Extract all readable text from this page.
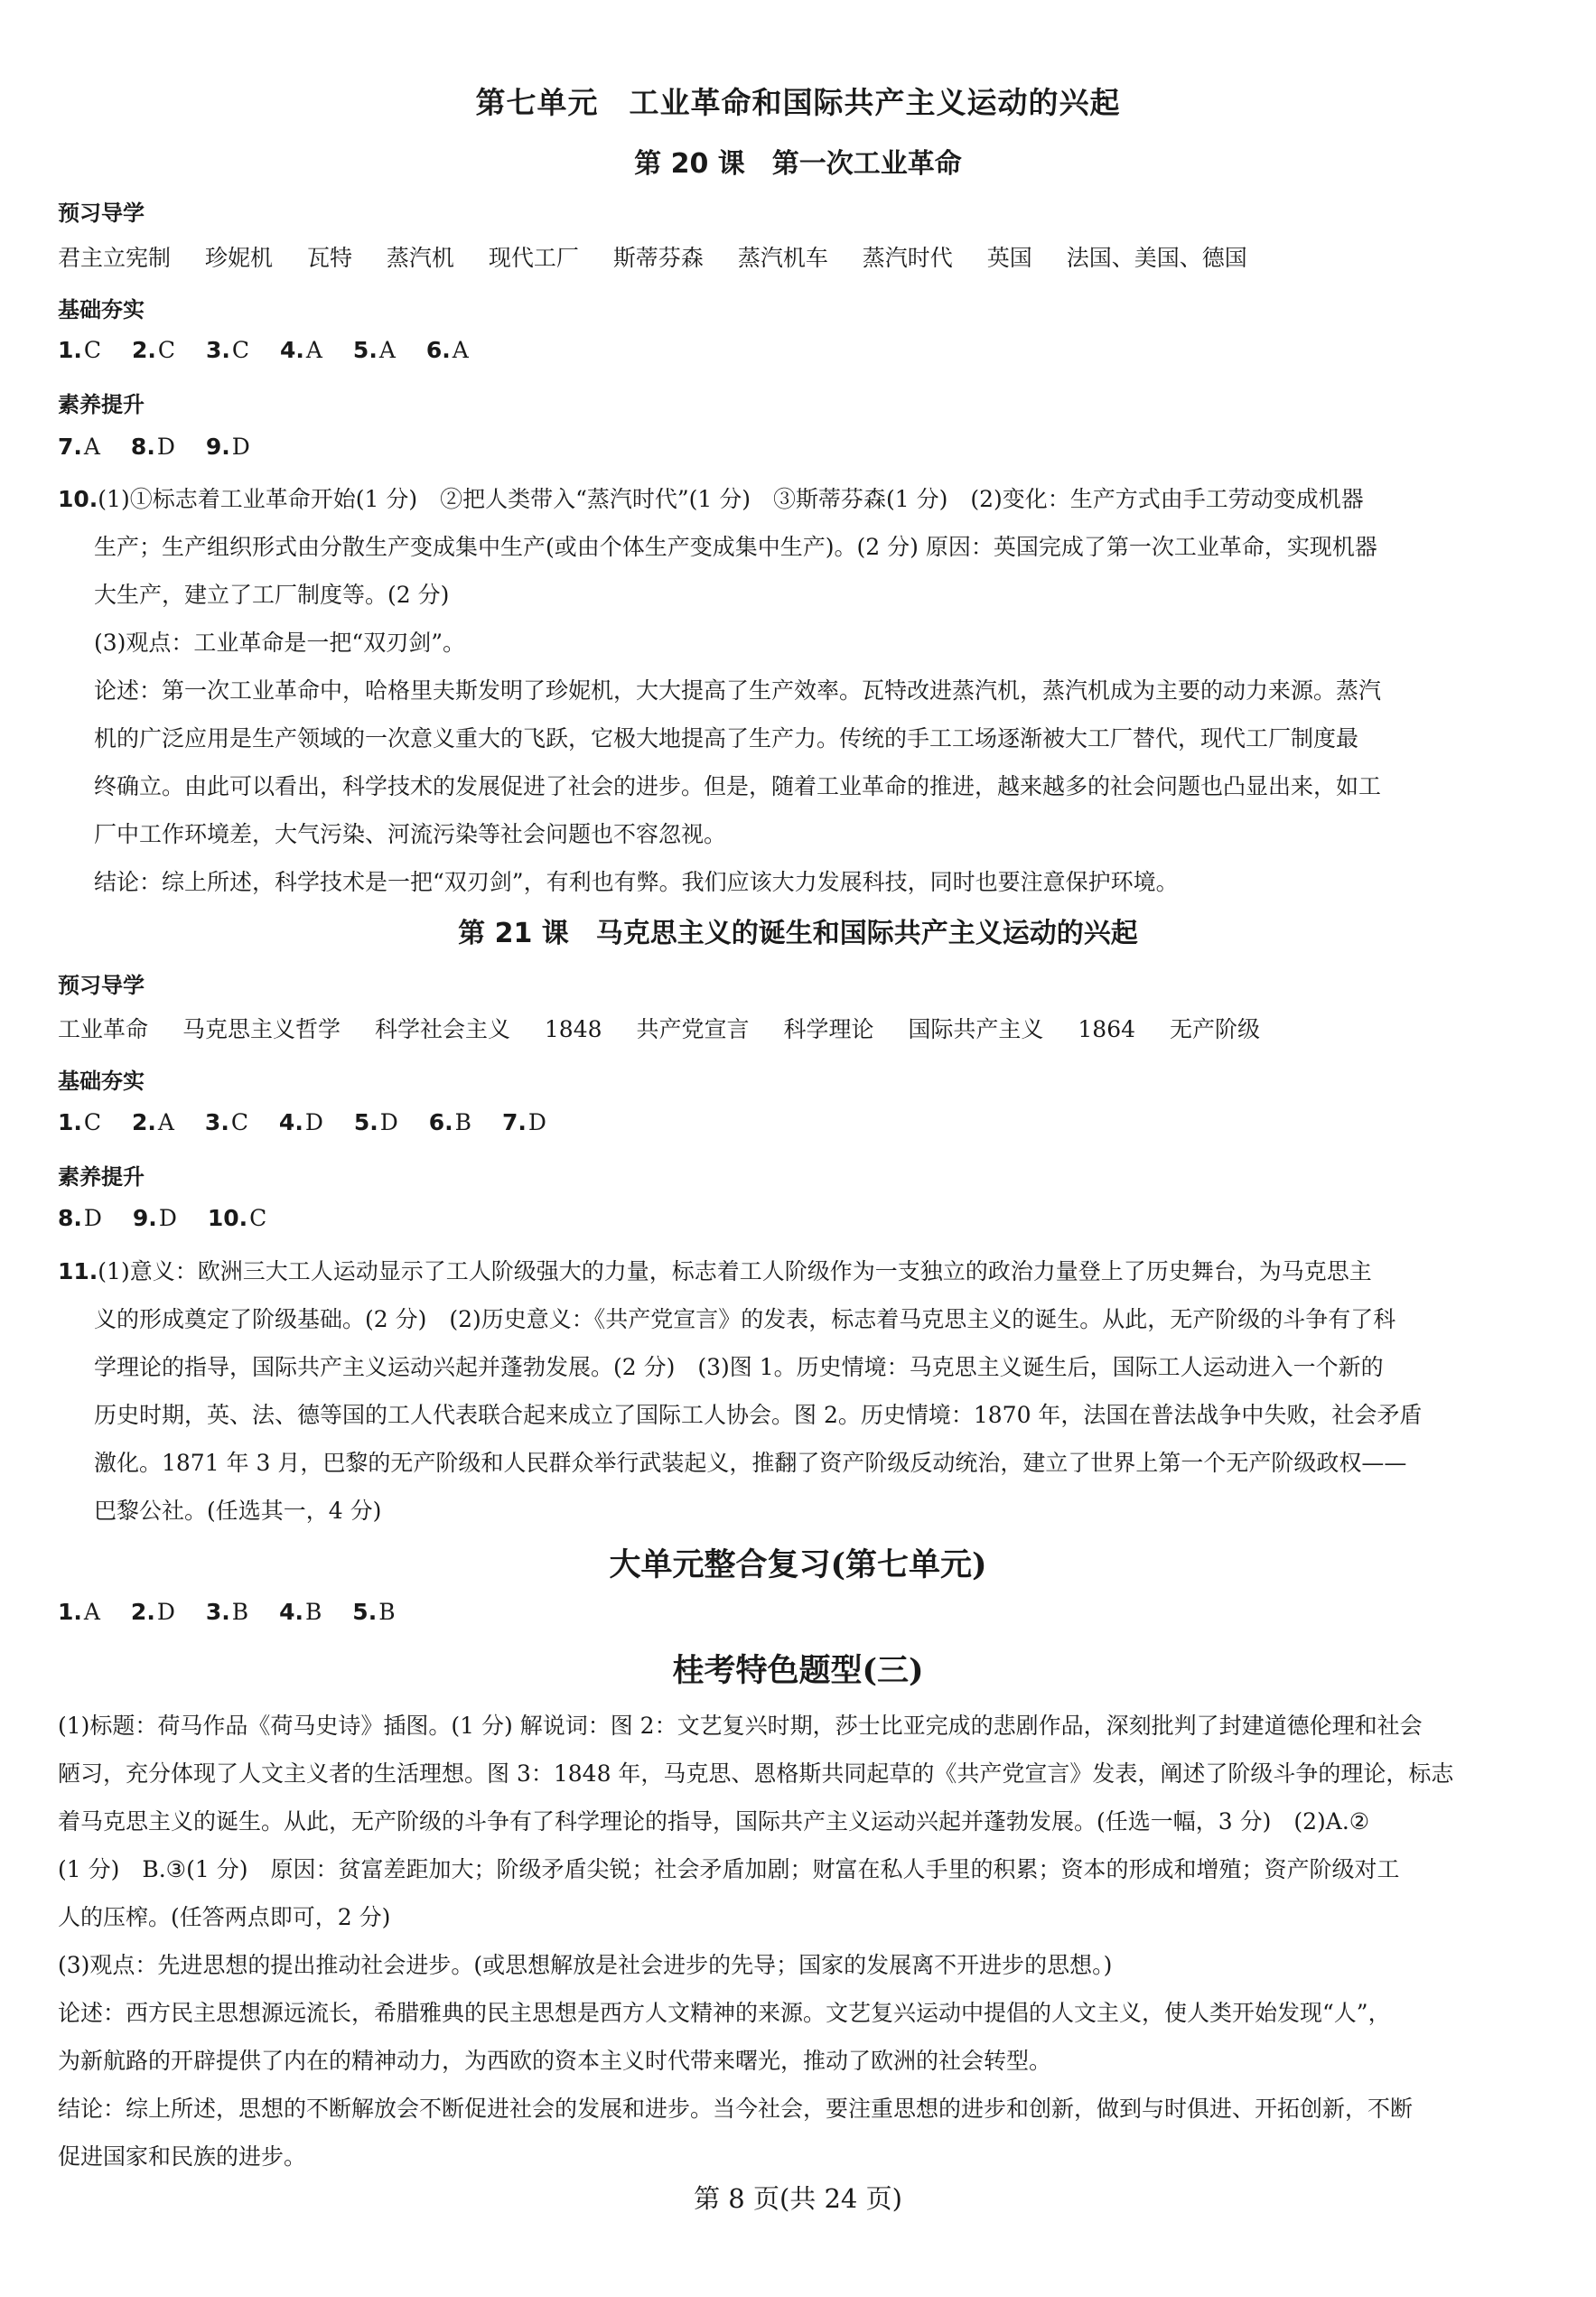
第七单元　工业革命和国际共产主义运动的兴起
第 20 课　第一次工业革命
预习导学
君主立宪制 珍妮机 瓦特 蒸汽机 现代工厂 斯蒂芬森 蒸汽机车 蒸汽时代 英国 法国、美国、德国
基础夯实
1.C 2.C 3.C 4.A 5.A 6.A
素养提升
7.A 8.D 9.D
10.(1)①标志着工业革命开始(1 分)　②把人类带入“蒸汽时代”(1 分)　③斯蒂芬森(1 分)　(2)变化：生产方式由手工劳动变成机器
生产；生产组织形式由分散生产变成集中生产(或由个体生产变成集中生产)。(2 分) 原因：英国完成了第一次工业革命，实现机器
大生产，建立了工厂制度等。(2 分)
(3)观点：工业革命是一把“双刃剑”。
论述：第一次工业革命中，哈格里夫斯发明了珍妮机，大大提高了生产效率。瓦特改进蒸汽机，蒸汽机成为主要的动力来源。蒸汽
机的广泛应用是生产领域的一次意义重大的飞跃，它极大地提高了生产力。传统的手工工场逐渐被大工厂替代，现代工厂制度最
终确立。由此可以看出，科学技术的发展促进了社会的进步。但是，随着工业革命的推进，越来越多的社会问题也凸显出来，如工
厂中工作环境差，大气污染、河流污染等社会问题也不容忽视。
结论：综上所述，科学技术是一把“双刃剑”，有利也有弊。我们应该大力发展科技，同时也要注意保护环境。
第 21 课　马克思主义的诞生和国际共产主义运动的兴起
预习导学
工业革命 马克思主义哲学 科学社会主义 1848 共产党宣言 科学理论 国际共产主义 1864 无产阶级
基础夯实
1.C 2.A 3.C 4.D 5.D 6.B 7.D
素养提升
8.D 9.D 10.C
11.(1)意义：欧洲三大工人运动显示了工人阶级强大的力量，标志着工人阶级作为一支独立的政治力量登上了历史舞台，为马克思主
义的形成奠定了阶级基础。(2 分)　(2)历史意义：《共产党宣言》的发表，标志着马克思主义的诞生。从此，无产阶级的斗争有了科
学理论的指导，国际共产主义运动兴起并蓬勃发展。(2 分)　(3)图 1。历史情境：马克思主义诞生后，国际工人运动进入一个新的
历史时期，英、法、德等国的工人代表联合起来成立了国际工人协会。图 2。历史情境：1870 年，法国在普法战争中失败，社会矛盾
激化。1871 年 3 月，巴黎的无产阶级和人民群众举行武装起义，推翻了资产阶级反动统治，建立了世界上第一个无产阶级政权——
巴黎公社。(任选其一，4 分)
大单元整合复习(第七单元)
1.A 2.D 3.B 4.B 5.B
桂考特色题型(三)
(1)标题：荷马作品《荷马史诗》插图。(1 分) 解说词：图 2：文艺复兴时期，莎士比亚完成的悲剧作品，深刻批判了封建道德伦理和社会
陋习，充分体现了人文主义者的生活理想。图 3：1848 年，马克思、恩格斯共同起草的《共产党宣言》发表，阐述了阶级斗争的理论，标志
着马克思主义的诞生。从此，无产阶级的斗争有了科学理论的指导，国际共产主义运动兴起并蓬勃发展。(任选一幅，3 分)　(2)A.②
(1 分)　B.③(1 分)　原因：贫富差距加大；阶级矛盾尖锐；社会矛盾加剧；财富在私人手里的积累；资本的形成和增殖；资产阶级对工
人的压榨。(任答两点即可，2 分)
(3)观点：先进思想的提出推动社会进步。(或思想解放是社会进步的先导；国家的发展离不开进步的思想。)
论述：西方民主思想源远流长，希腊雅典的民主思想是西方人文精神的来源。文艺复兴运动中提倡的人文主义，使人类开始发现“人”，
为新航路的开辟提供了内在的精神动力，为西欧的资本主义时代带来曙光，推动了欧洲的社会转型。
结论：综上所述，思想的不断解放会不断促进社会的发展和进步。当今社会，要注重思想的进步和创新，做到与时俱进、开拓创新，不断
促进国家和民族的进步。
第 8 页(共 24 页)
